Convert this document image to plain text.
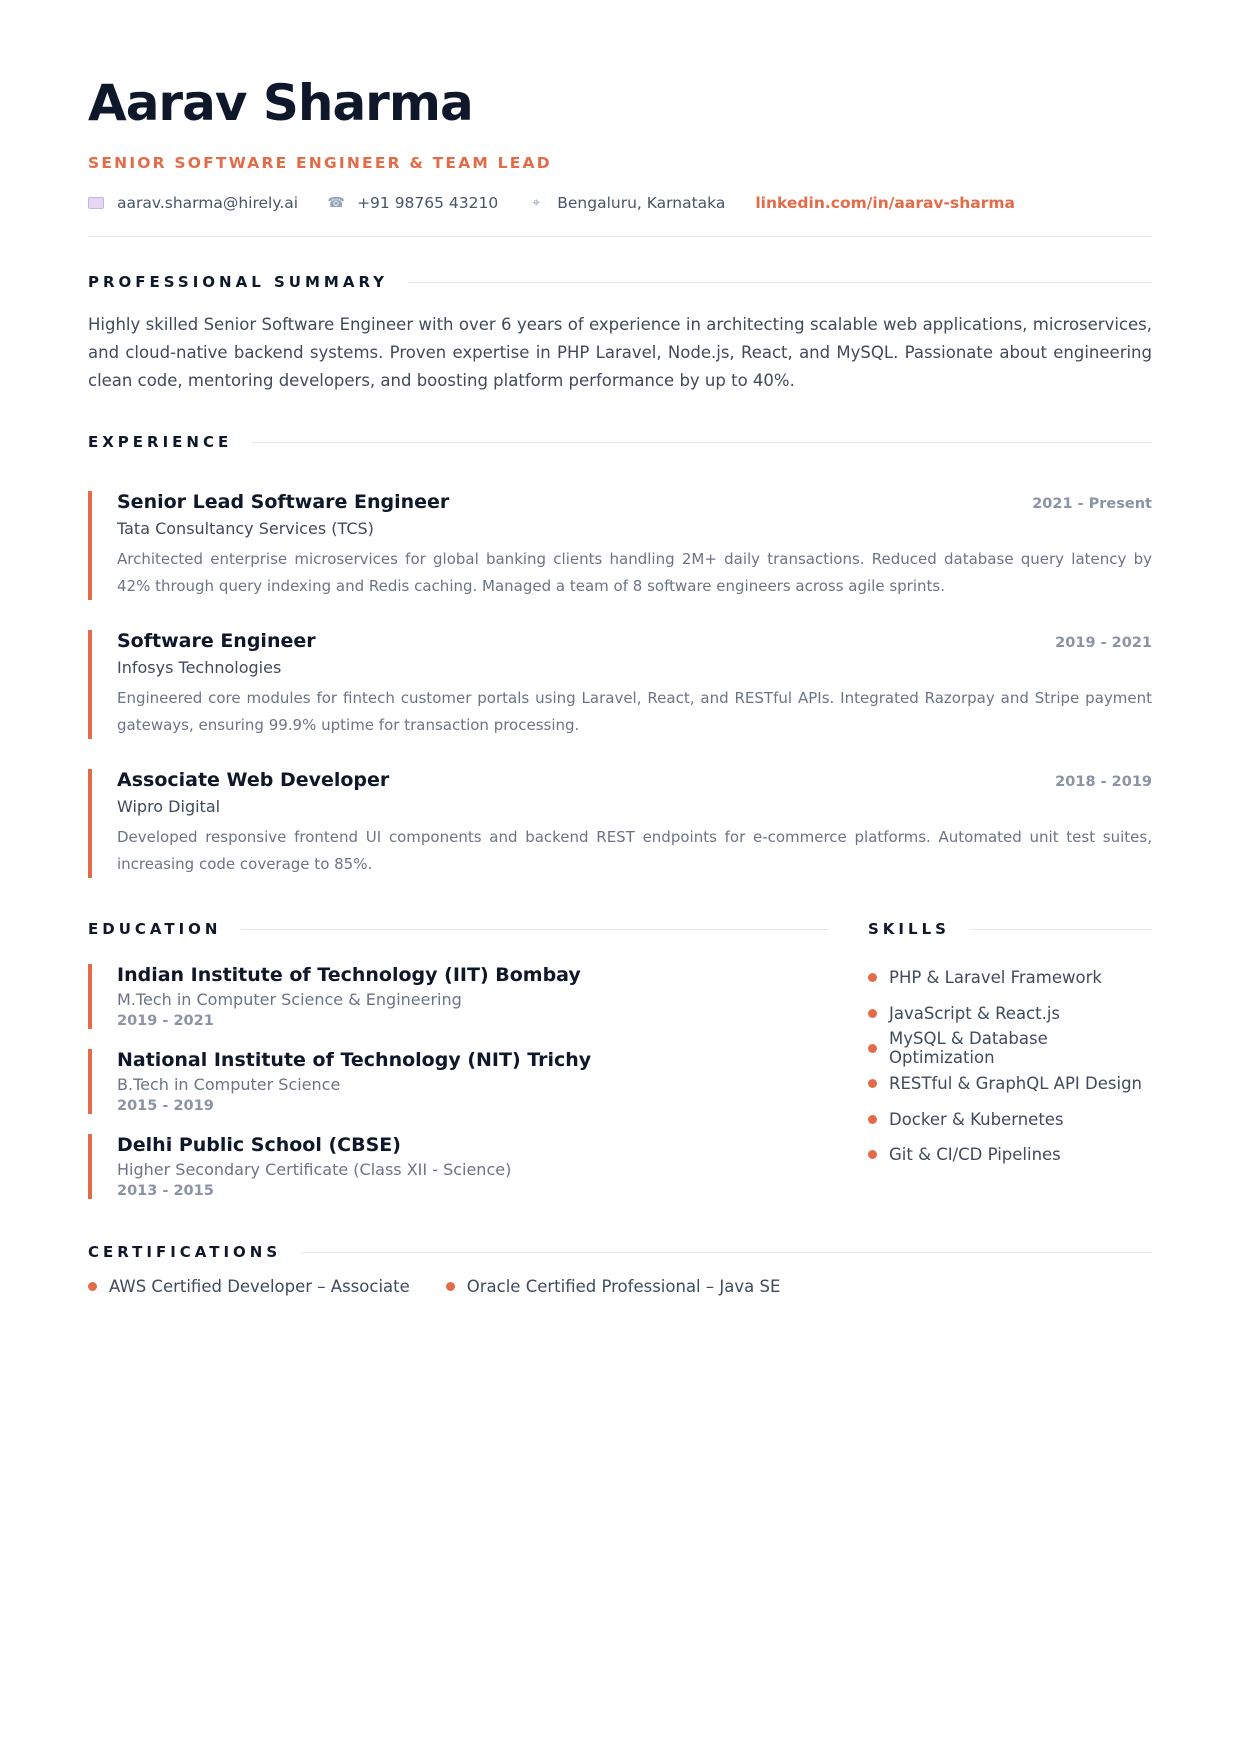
Aarav Sharma
SENIOR SOFTWARE ENGINEER & TEAM LEAD
aarav.sharma@hirely.ai ☎ +91 98765 43210 ⌖ Bengaluru, Karnataka linkedin.com/in/aarav-sharma
PROFESSIONAL SUMMARY
Highly skilled Senior Software Engineer with over 6 years of experience in architecting scalable web applications, microservices, and cloud-native backend systems. Proven expertise in PHP Laravel, Node.js, React, and MySQL. Passionate about engineering clean code, mentoring developers, and boosting platform performance by up to 40%.
EXPERIENCE
Senior Lead Software Engineer	2021 - Present
Tata Consultancy Services (TCS)
Architected enterprise microservices for global banking clients handling 2M+ daily transactions. Reduced database query latency by 42% through query indexing and Redis caching. Managed a team of 8 software engineers across agile sprints.
Software Engineer	2019 - 2021
Infosys Technologies
Engineered core modules for fintech customer portals using Laravel, React, and RESTful APIs. Integrated Razorpay and Stripe payment gateways, ensuring 99.9% uptime for transaction processing.
Associate Web Developer	2018 - 2019
Wipro Digital
Developed responsive frontend UI components and backend REST endpoints for e-commerce platforms. Automated unit test suites, increasing code coverage to 85%.
EDUCATION
Indian Institute of Technology (IIT) Bombay
M.Tech in Computer Science & Engineering
2019 - 2021
National Institute of Technology (NIT) Trichy
B.Tech in Computer Science
2015 - 2019
Delhi Public School (CBSE)
Higher Secondary Certificate (Class XII - Science)
2013 - 2015
SKILLS
PHP & Laravel Framework
JavaScript & React.js
MySQL & Database Optimization
RESTful & GraphQL API Design
Docker & Kubernetes
Git & CI/CD Pipelines
CERTIFICATIONS
AWS Certified Developer – Associate	Oracle Certified Professional – Java SE
